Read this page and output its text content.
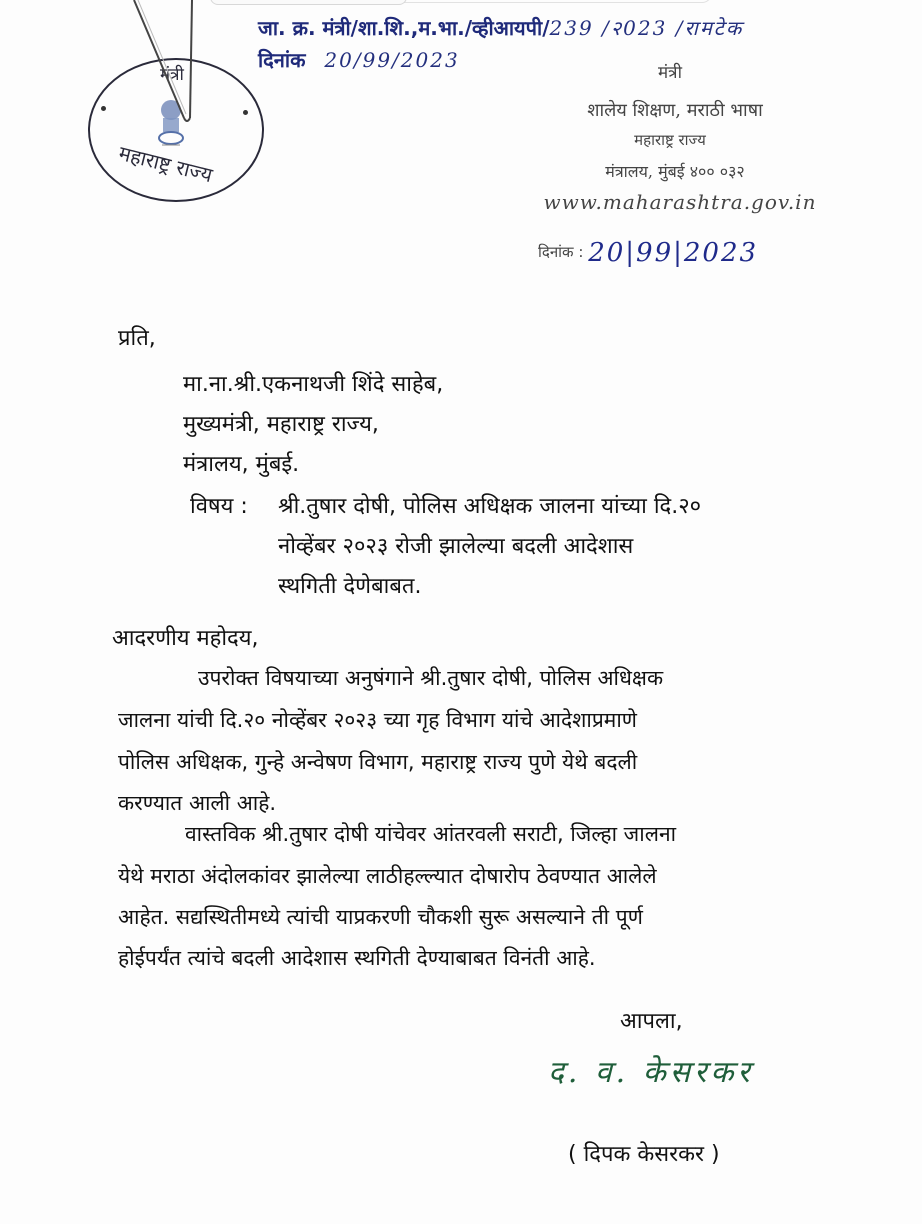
मंत्री
महाराष्ट्र राज्य
जा. क्र. मंत्री/शा.शि.,म.भा./व्हीआयपी/239 /२023 /रामटेक
दिनांक 20/99/2023
मंत्री
शालेय शिक्षण, मराठी भाषा
महाराष्ट्र राज्य
मंत्रालय, मुंबई ४०० ०३२
www.maharashtra.gov.in
दिनांक : 20|99|2023
प्रति,
मा.ना.श्री.एकनाथजी शिंदे साहेब,
मुख्यमंत्री, महाराष्ट्र राज्य,
मंत्रालय, मुंबई.
विषय : श्री.तुषार दोषी, पोलिस अधिक्षक जालना यांच्या दि.२०
नोव्हेंबर २०२३ रोजी झालेल्या बदली आदेशास
स्थगिती देणेबाबत.
आदरणीय महोदय,
उपरोक्त विषयाच्या अनुषंगाने श्री.तुषार दोषी, पोलिस अधिक्षक
जालना यांची दि.२० नोव्हेंबर २०२३ च्या गृह विभाग यांचे आदेशाप्रमाणे
पोलिस अधिक्षक, गुन्हे अन्वेषण विभाग, महाराष्ट्र राज्य पुणे येथे बदली
करण्यात आली आहे.
वास्तविक श्री.तुषार दोषी यांचेवर आंतरवली सराटी, जिल्हा जालना
येथे मराठा अंदोलकांवर झालेल्या लाठीहल्ल्यात दोषारोप ठेवण्यात आलेले
आहेत. सद्यस्थितीमध्ये त्यांची याप्रकरणी चौकशी सुरू असल्याने ती पूर्ण
होईपर्यंत त्यांचे बदली आदेशास स्थगिती देण्याबाबत विनंती आहे.
आपला,
द. व. केसरकर
( दिपक केसरकर )
